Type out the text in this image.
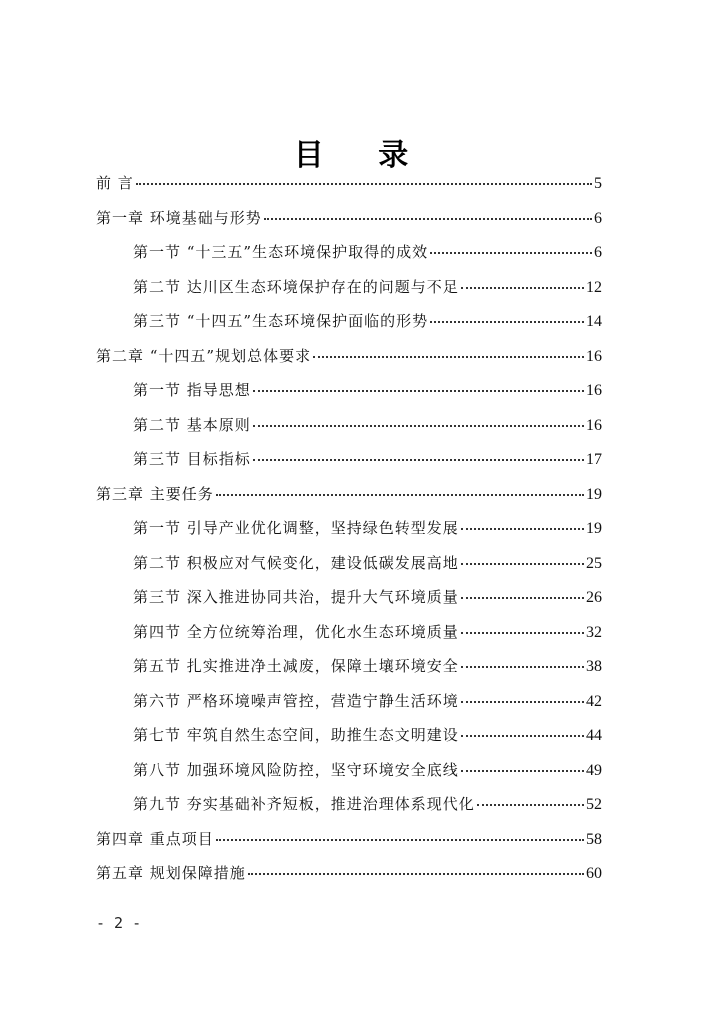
目 录
前 言	5
第一章 环境基础与形势	6
第一节 “十三五”生态环境保护取得的成效	6
第二节 达川区生态环境保护存在的问题与不足	12
第三节 “十四五”生态环境保护面临的形势	14
第二章 “十四五”规划总体要求	16
第一节 指导思想	16
第二节 基本原则	16
第三节 目标指标	17
第三章 主要任务	19
第一节 引导产业优化调整，坚持绿色转型发展	19
第二节 积极应对气候变化，建设低碳发展高地	25
第三节 深入推进协同共治，提升大气环境质量	26
第四节 全方位统筹治理，优化水生态环境质量	32
第五节 扎实推进净土减废，保障土壤环境安全	38
第六节 严格环境噪声管控，营造宁静生活环境	42
第七节 牢筑自然生态空间，助推生态文明建设	44
第八节 加强环境风险防控，坚守环境安全底线	49
第九节 夯实基础补齐短板，推进治理体系现代化	52
第四章 重点项目	58
第五章 规划保障措施	60
- 2 -
